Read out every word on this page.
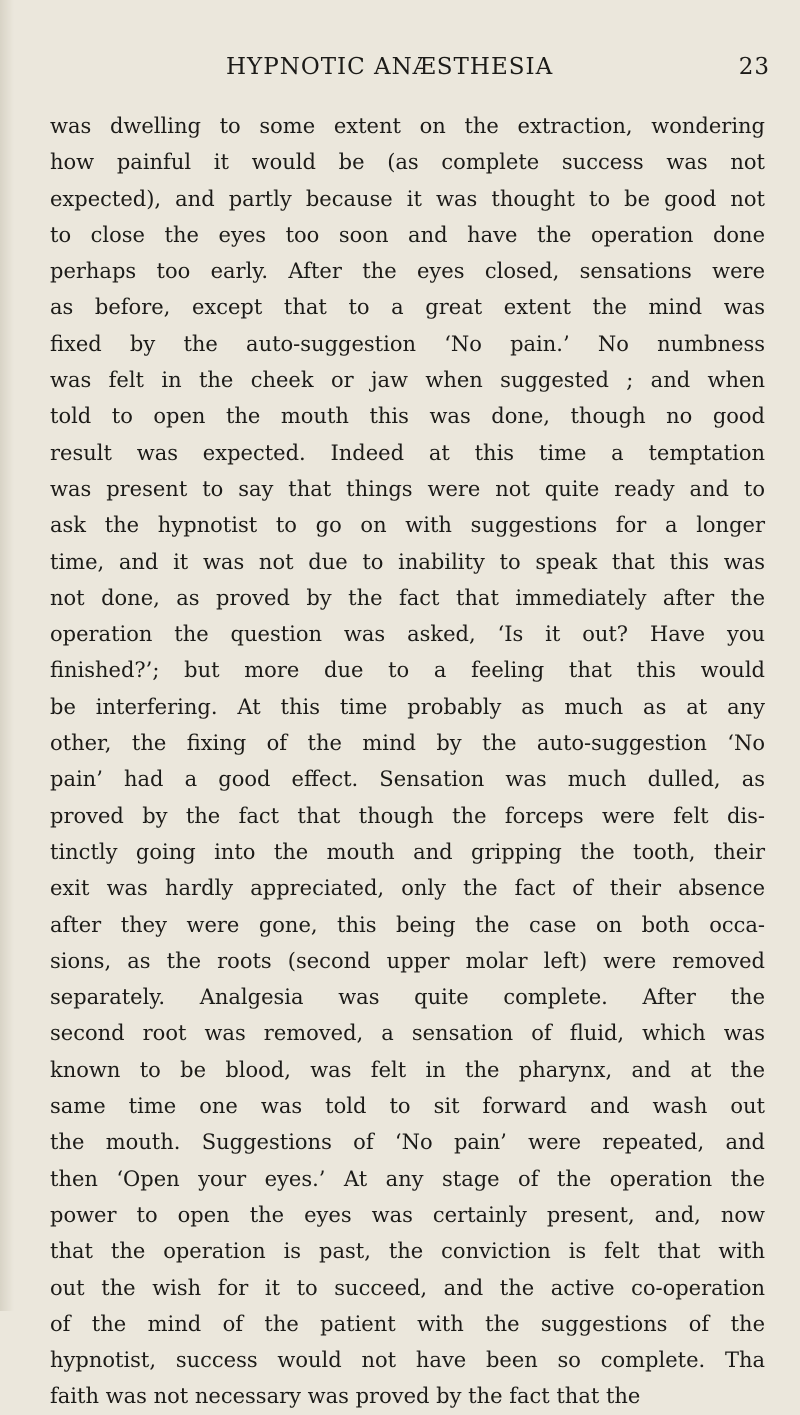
HYPNOTIC ANÆSTHESIA	23
was dwelling to some extent on the extraction, wondering
how painful it would be (as complete success was not
expected), and partly because it was thought to be good not
to close the eyes too soon and have the operation done
perhaps too early. After the eyes closed, sensations were
as before, except that to a great extent the mind was
fixed by the auto-suggestion ‘No pain.’ No numbness
was felt in the cheek or jaw when suggested ; and when
told to open the mouth this was done, though no good
result was expected. Indeed at this time a temptation
was present to say that things were not quite ready and to
ask the hypnotist to go on with suggestions for a longer
time, and it was not due to inability to speak that this was
not done, as proved by the fact that immediately after the
operation the question was asked, ‘Is it out? Have you
finished?’; but more due to a feeling that this would
be interfering. At this time probably as much as at any
other, the fixing of the mind by the auto-suggestion ‘No
pain’ had a good effect. Sensation was much dulled, as
proved by the fact that though the forceps were felt dis-
tinctly going into the mouth and gripping the tooth, their
exit was hardly appreciated, only the fact of their absence
after they were gone, this being the case on both occa-
sions, as the roots (second upper molar left) were removed
separately. Analgesia was quite complete. After the
second root was removed, a sensation of fluid, which was
known to be blood, was felt in the pharynx, and at the
same time one was told to sit forward and wash out
the mouth. Suggestions of ‘No pain’ were repeated, and
then ‘Open your eyes.’ At any stage of the operation the
power to open the eyes was certainly present, and, now
that the operation is past, the conviction is felt that with
out the wish for it to succeed, and the active co-operation
of the mind of the patient with the suggestions of the
hypnotist, success would not have been so complete. Tha
faith was not necessary was proved by the fact that the
